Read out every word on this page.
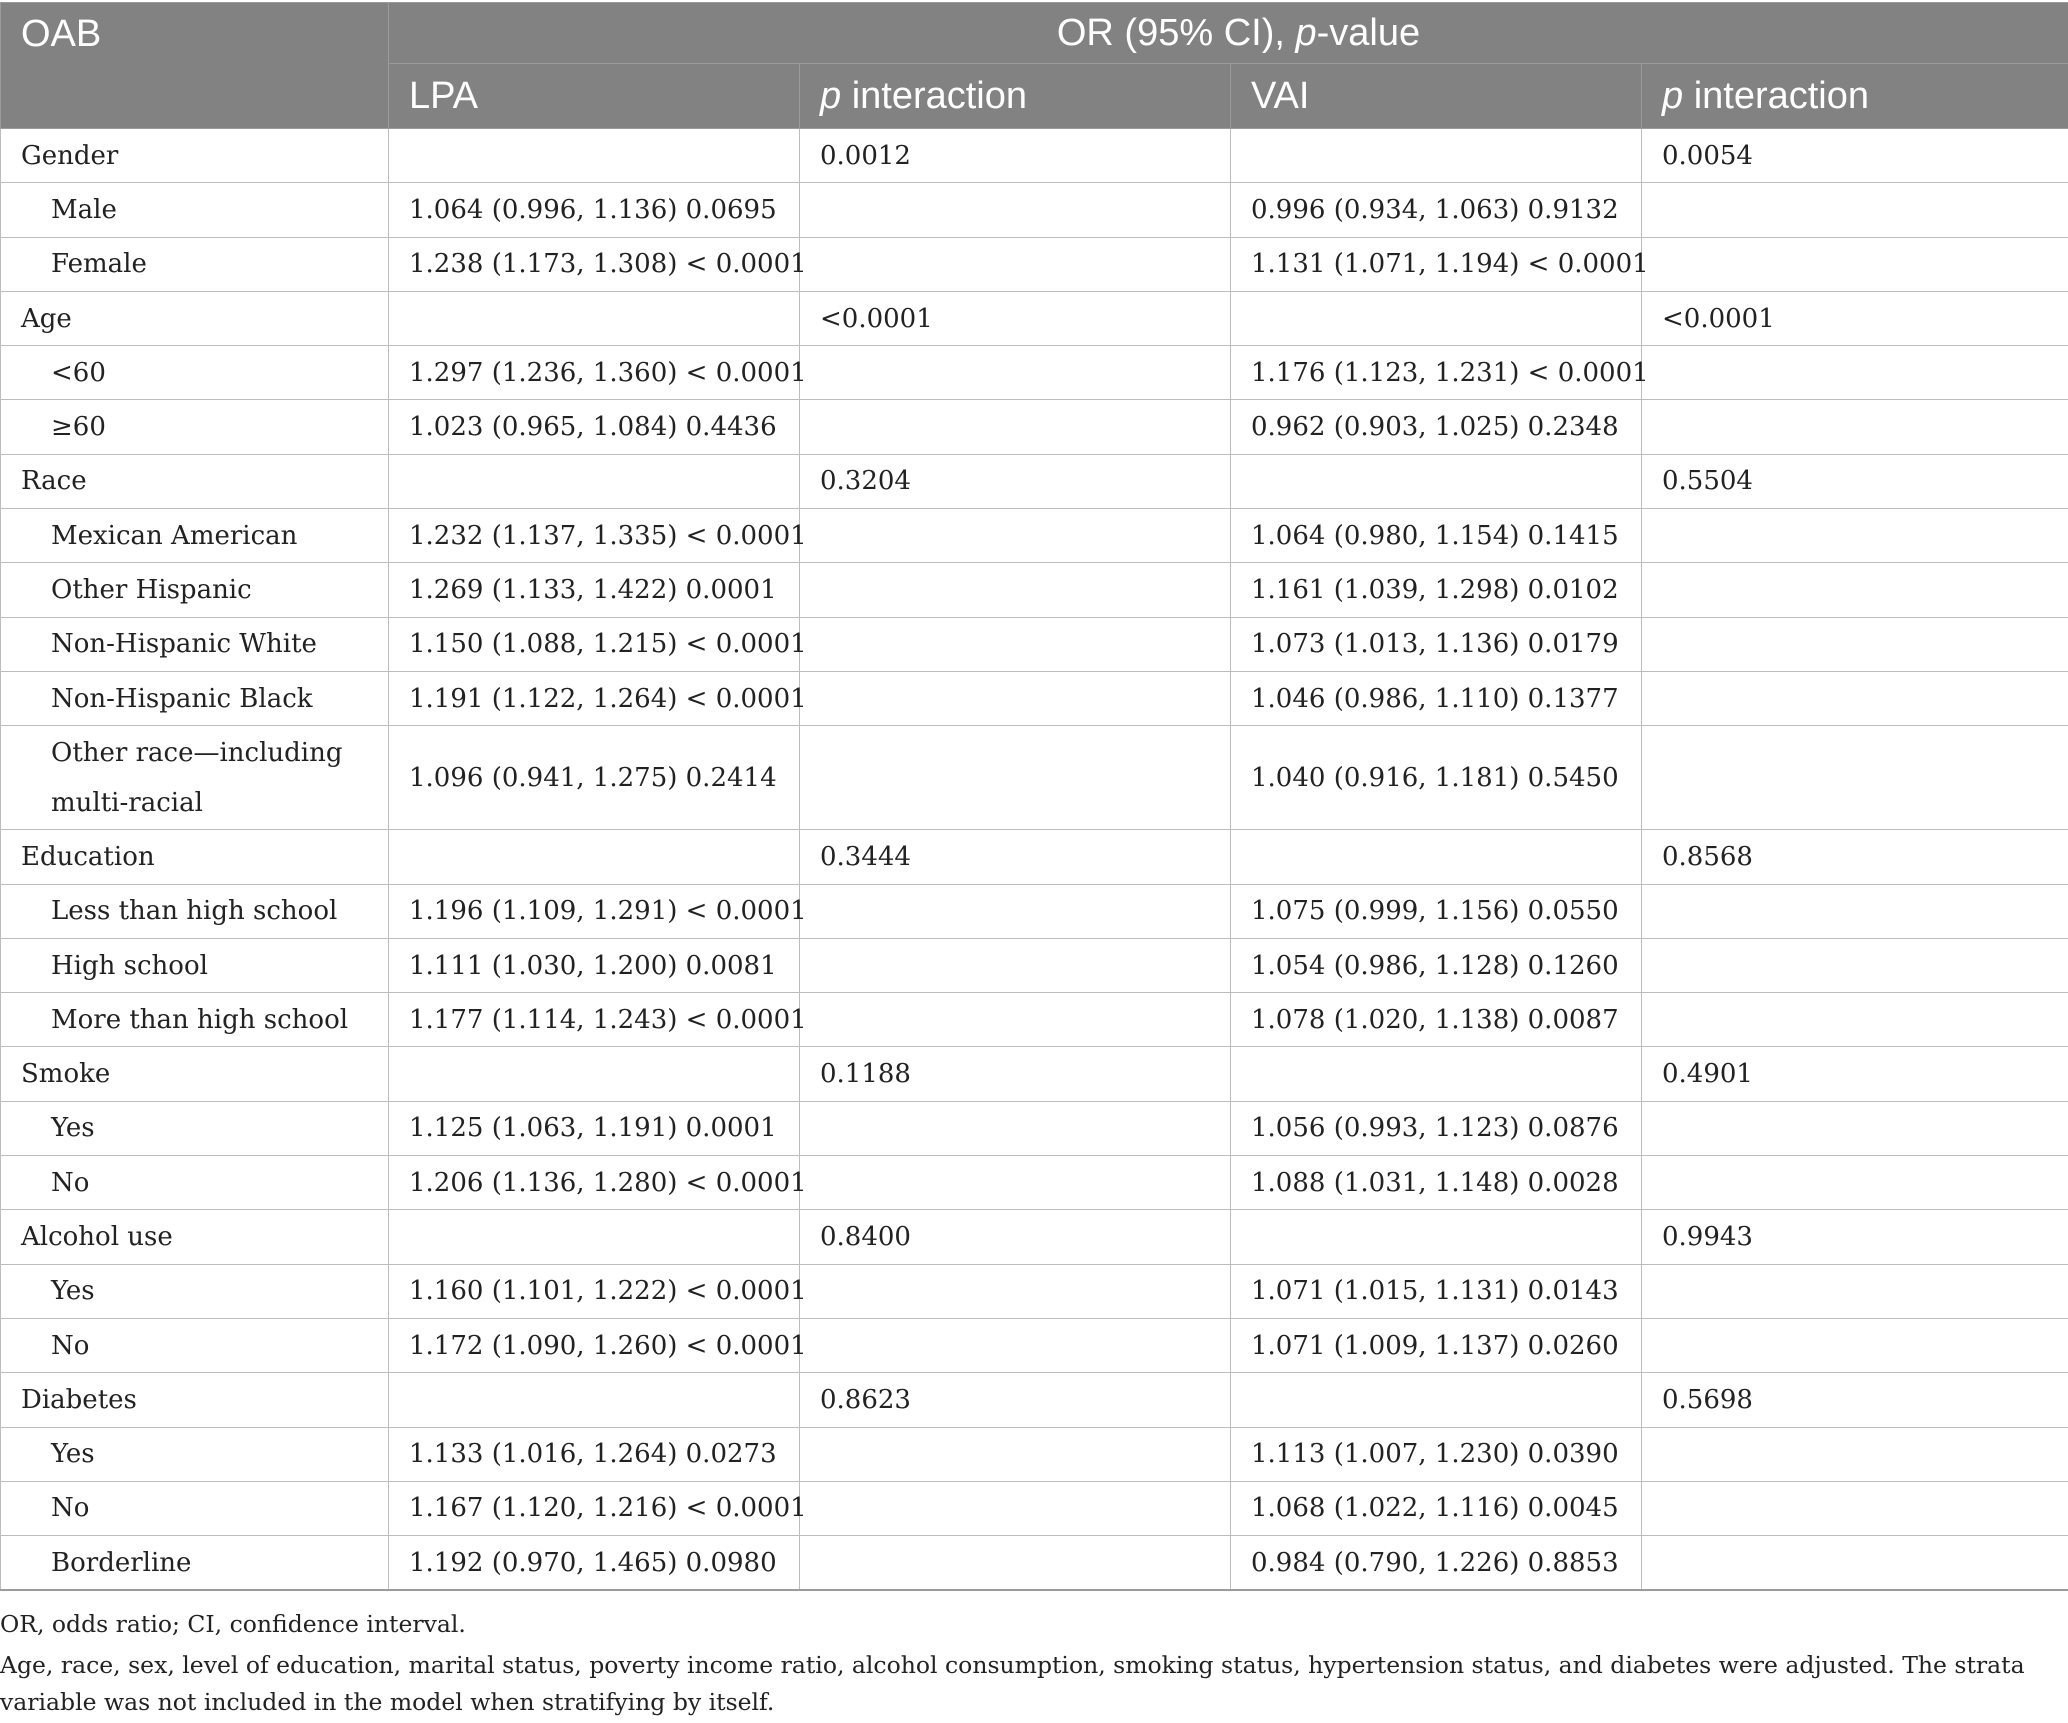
OAB	OR (95% CI), p-value			
	LPA	p interaction	VAI	p interaction
Gender		0.0012		0.0054
Male	1.064 (0.996, 1.136) 0.0695		0.996 (0.934, 1.063) 0.9132	
Female	1.238 (1.173, 1.308) < 0.0001		1.131 (1.071, 1.194) < 0.0001	
Age		<0.0001		<0.0001
<60	1.297 (1.236, 1.360) < 0.0001		1.176 (1.123, 1.231) < 0.0001	
≥60	1.023 (0.965, 1.084) 0.4436		0.962 (0.903, 1.025) 0.2348	
Race		0.3204		0.5504
Mexican American	1.232 (1.137, 1.335) < 0.0001		1.064 (0.980, 1.154) 0.1415	
Other Hispanic	1.269 (1.133, 1.422) 0.0001		1.161 (1.039, 1.298) 0.0102	
Non-Hispanic White	1.150 (1.088, 1.215) < 0.0001		1.073 (1.013, 1.136) 0.0179	
Non-Hispanic Black	1.191 (1.122, 1.264) < 0.0001		1.046 (0.986, 1.110) 0.1377	
Other race—including multi-racial	1.096 (0.941, 1.275) 0.2414		1.040 (0.916, 1.181) 0.5450	
Education		0.3444		0.8568
Less than high school	1.196 (1.109, 1.291) < 0.0001		1.075 (0.999, 1.156) 0.0550	
High school	1.111 (1.030, 1.200) 0.0081		1.054 (0.986, 1.128) 0.1260	
More than high school	1.177 (1.114, 1.243) < 0.0001		1.078 (1.020, 1.138) 0.0087	
Smoke		0.1188		0.4901
Yes	1.125 (1.063, 1.191) 0.0001		1.056 (0.993, 1.123) 0.0876	
No	1.206 (1.136, 1.280) < 0.0001		1.088 (1.031, 1.148) 0.0028	
Alcohol use		0.8400		0.9943
Yes	1.160 (1.101, 1.222) < 0.0001		1.071 (1.015, 1.131) 0.0143	
No	1.172 (1.090, 1.260) < 0.0001		1.071 (1.009, 1.137) 0.0260	
Diabetes		0.8623		0.5698
Yes	1.133 (1.016, 1.264) 0.0273		1.113 (1.007, 1.230) 0.0390	
No	1.167 (1.120, 1.216) < 0.0001		1.068 (1.022, 1.116) 0.0045	
Borderline	1.192 (0.970, 1.465) 0.0980		0.984 (0.790, 1.226) 0.8853	

OR, odds ratio; CI, confidence interval.

Age, race, sex, level of education, marital status, poverty income ratio, alcohol consumption, smoking status, hypertension status, and diabetes were adjusted. The strata variable was not included in the model when stratifying by itself.
